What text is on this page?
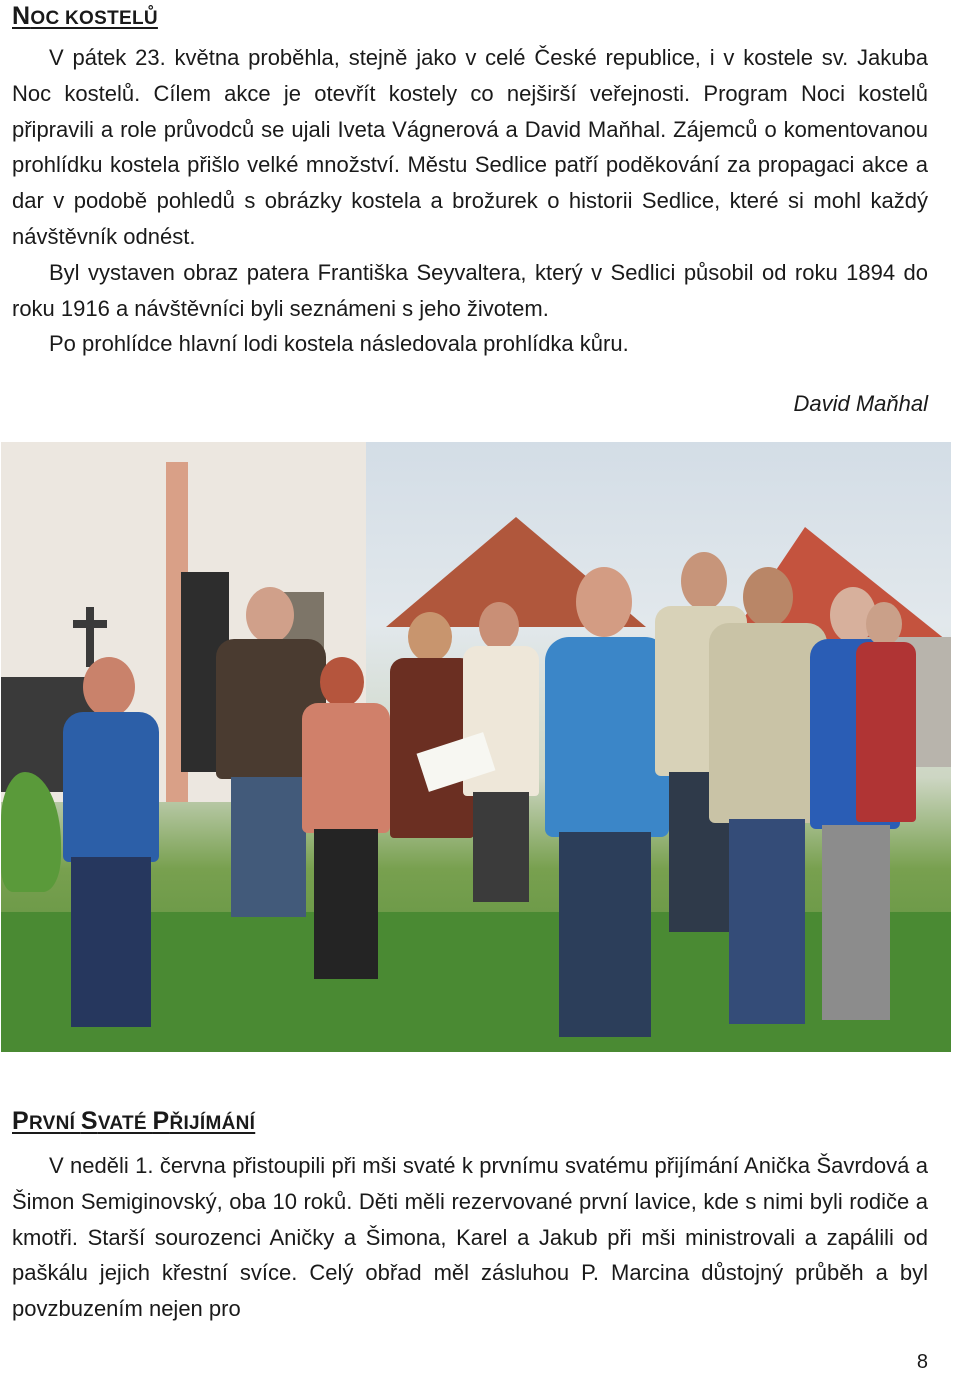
NOC KOSTELŮ

V pátek 23. května proběhla, stejně jako v celé České republice, i v kostele sv. Jakuba Noc kostelů. Cílem akce je otevřít kostely co nejširší veřejnosti. Program Noci kostelů připravili a role průvodců se ujali Iveta Vágnerová a David Maňhal. Zájemců o komentovanou prohlídku kostela přišlo velké množství. Městu Sedlice patří poděkování za propagaci akce a dar v podobě pohledů s obrázky kostela a brožurek o historii Sedlice, které si mohl každý návštěvník odnést.

Byl vystaven obraz patera Františka Seyvaltera, který v Sedlici působil od roku 1894 do roku 1916 a návštěvníci byli seznámeni s jeho životem.

Po prohlídce hlavní lodi kostela následovala prohlídka kůru.

David Maňhal
PRVNÍ SVATÉ PŘIJÍMÁNÍ

V neděli 1. června přistoupili při mši svaté k prvnímu svatému přijímání Anička Šavrdová a Šimon Semiginovský, oba 10 roků. Děti měli rezervované první lavice, kde s nimi byli rodiče a kmotři. Starší sourozenci Aničky a Šimona, Karel a Jakub při mši ministrovali a zapálili od paškálu jejich křestní svíce. Celý obřad měl zásluhou P. Marcina důstojný průběh a byl povzbuzením nejen pro

8
